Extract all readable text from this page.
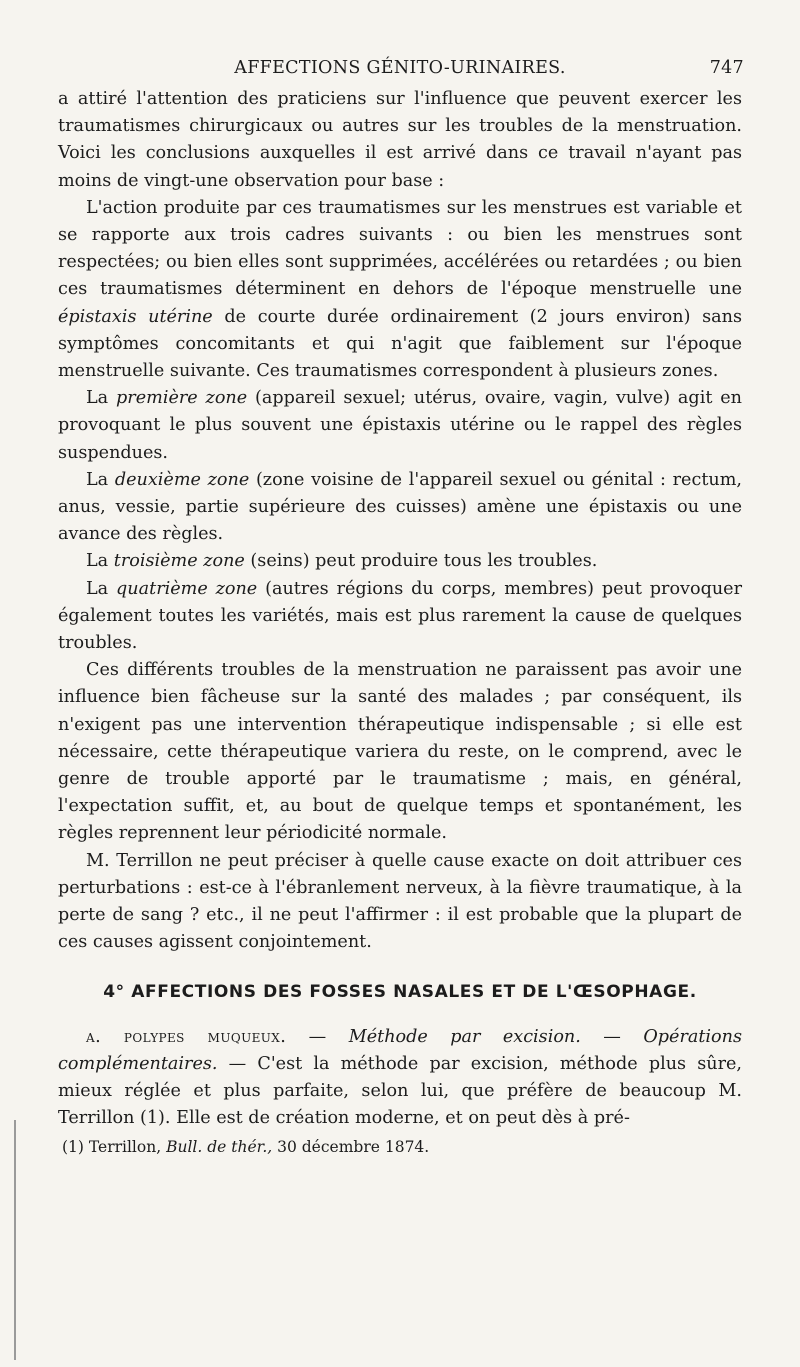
AFFECTIONS GÉNITO-URINAIRES.	747

a attiré l'attention des praticiens sur l'influence que peuvent exercer les traumatismes chirurgicaux ou autres sur les troubles de la menstruation. Voici les conclusions auxquelles il est arrivé dans ce travail n'ayant pas moins de vingt-une observation pour base :

L'action produite par ces traumatismes sur les menstrues est variable et se rapporte aux trois cadres suivants : ou bien les menstrues sont respectées; ou bien elles sont supprimées, accélérées ou retardées ; ou bien ces traumatismes déterminent en dehors de l'époque menstruelle une épistaxis utérine de courte durée ordinairement (2 jours environ) sans symptômes concomitants et qui n'agit que faiblement sur l'époque menstruelle suivante. Ces traumatismes correspondent à plusieurs zones.

La première zone (appareil sexuel; utérus, ovaire, vagin, vulve) agit en provoquant le plus souvent une épistaxis utérine ou le rappel des règles suspendues.

La deuxième zone (zone voisine de l'appareil sexuel ou génital : rectum, anus, vessie, partie supérieure des cuisses) amène une épistaxis ou une avance des règles.

La troisième zone (seins) peut produire tous les troubles.

La quatrième zone (autres régions du corps, membres) peut provoquer également toutes les variétés, mais est plus rarement la cause de quelques troubles.

Ces différents troubles de la menstruation ne paraissent pas avoir une influence bien fâcheuse sur la santé des malades ; par conséquent, ils n'exigent pas une intervention thérapeutique indispensable ; si elle est nécessaire, cette thérapeutique variera du reste, on le comprend, avec le genre de trouble apporté par le traumatisme ; mais, en général, l'expectation suffit, et, au bout de quelque temps et spontanément, les règles reprennent leur périodicité normale.

M. Terrillon ne peut préciser à quelle cause exacte on doit attribuer ces perturbations : est-ce à l'ébranlement nerveux, à la fièvre traumatique, à la perte de sang ? etc., il ne peut l'affirmer : il est probable que la plupart de ces causes agissent conjointement.

4° AFFECTIONS DES FOSSES NASALES ET DE L'ŒSOPHAGE.

a. polypes muqueux. — Méthode par excision. — Opérations complémentaires. — C'est la méthode par excision, méthode plus sûre, mieux réglée et plus parfaite, selon lui, que préfère de beaucoup M. Terrillon (1). Elle est de création moderne, et on peut dès à pré-

(1) Terrillon, Bull. de thér., 30 décembre 1874.
